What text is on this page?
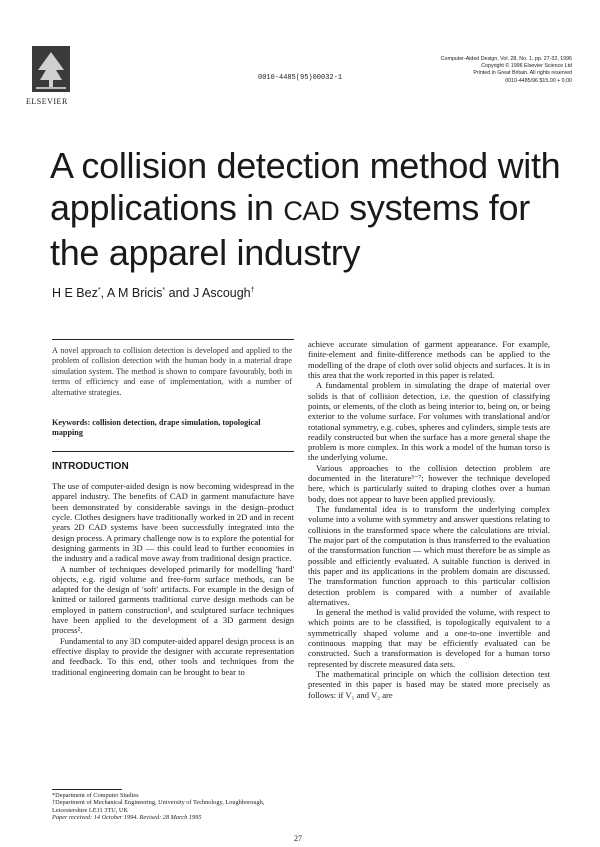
ELSEVIER
0010-4485(95)00032-1
Computer-Aided Design, Vol. 28, No. 1, pp. 27-32, 1996
Copyright © 1996 Elsevier Science Ltd
Printed in Great Britain. All rights reserved
0010-4485/96 $15.00 + 0.00
A collision detection method with
applications in CAD systems for
the apparel industry
H E Bez*, A M Bricis* and J Ascough†
A novel approach to collision detection is developed and applied to the problem of collision detection with the human body in a material drape simulation system. The method is shown to compare favourably, both in terms of efficiency and ease of implementation, with a number of alternative strategies.
Keywords: collision detection, drape simulation, topological mapping
INTRODUCTION

The use of computer-aided design is now becoming widespread in the apparel industry. The benefits of CAD in garment manufacture have been demonstrated by considerable savings in the design–product cycle. Clothes designers have traditionally worked in 2D and in recent years 2D CAD systems have been successfully integrated into the design process. A primary challenge now is to explore the potential for designing garments in 3D — this could lead to further economies in the industry and a radical move away from traditional design practice.

A number of techniques developed primarily for modelling 'hard' objects, e.g. rigid volume and free-form surface methods, can be adapted for the design of 'soft' artifacts. For example in the design of knitted or tailored garments traditional curve design methods can be employed in pattern construction¹, and sculptured surface techniques have been applied to the development of a 3D garment design process².

Fundamental to any 3D computer-aided apparel design process is an effective display to provide the designer with accurate representation and feedback. To this end, other tools and techniques from the traditional engineering domain can be brought to bear to

achieve accurate simulation of garment appearance. For example, finite-element and finite-difference methods can be applied to the modelling of the drape of cloth over solid objects and surfaces. It is in this area that the work reported in this paper is related.

A fundamental problem in simulating the drape of material over solids is that of collision detection, i.e. the question of classifying points, or elements, of the cloth as being interior to, being on, or being exterior to the volume surface. For volumes with translational and/or rotational symmetry, e.g. cubes, spheres and cylinders, simple tests are readily constructed but when the surface has a more general shape the problem is more complex. In this work a model of the human torso is the underlying volume.

Various approaches to the collision detection problem are documented in the literature³⁻⁷; however the technique developed here, which is particularly suited to draping clothes over a human body, does not appear to have been applied previously.

The fundamental idea is to transform the underlying complex volume into a volume with symmetry and answer questions relating to collisions in the transformed space where the calculations are trivial. The major part of the computation is thus transferred to the evaluation of the transformation function — which must therefore be as simple as possible and efficiently evaluated. A suitable function is derived in this paper and its applications in the problem domain are discussed. The transformation function approach to this particular collision detection problem is compared with a number of available alternatives.

In general the method is valid provided the volume, with respect to which points are to be classified, is topologically equivalent to a symmetrically shaped volume and a one-to-one invertible and continuous mapping that may be efficiently evaluated can be constructed. Such a transformation is developed for a human torso represented by discrete measured data sets.

The mathematical principle on which the collision detection test presented in this paper is based may be stated more precisely as follows: if V₁ and V₂ are

*Department of Computer Studies
†Department of Mechanical Engineering, University of Technology, Loughborough, Leicestershire LE11 3TU, UK
Paper received: 14 October 1994. Revised: 28 March 1995
27
